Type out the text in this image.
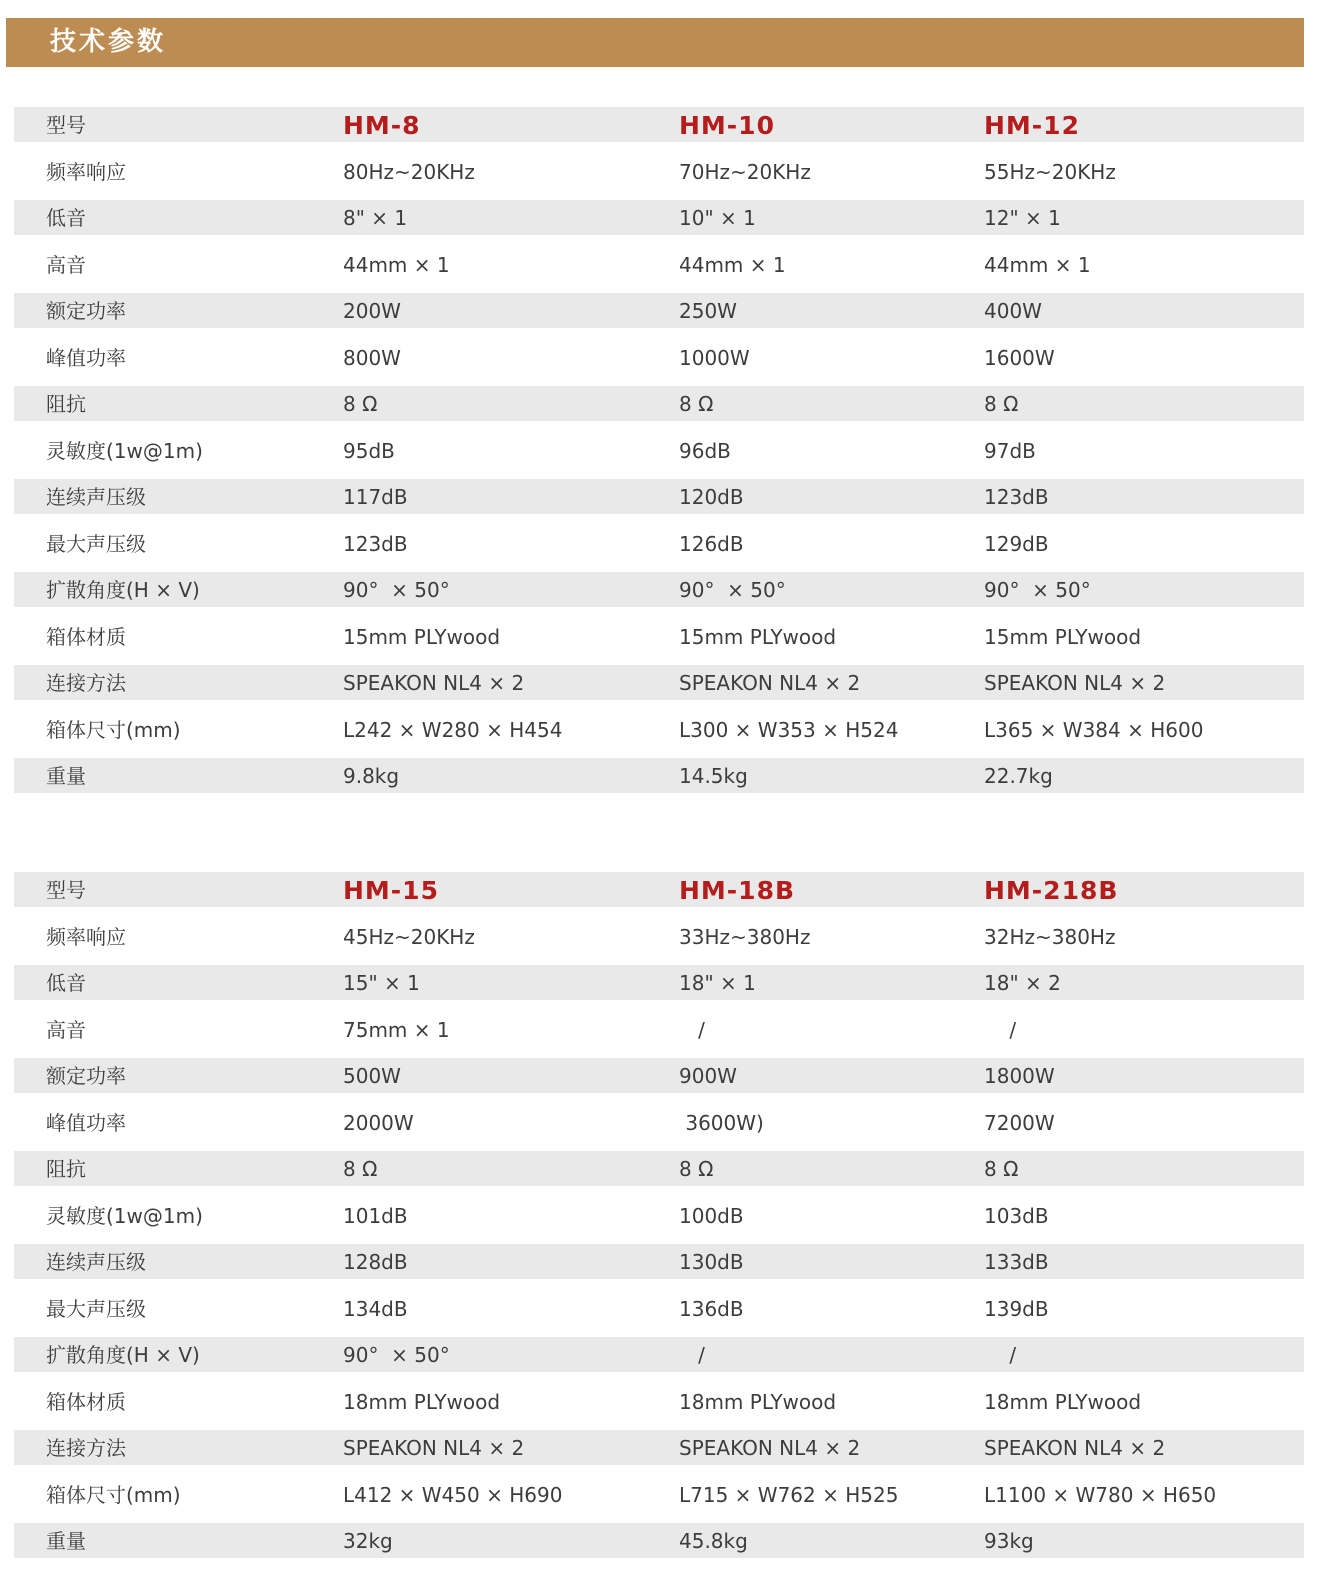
技术参数
型号	HM-8	HM-10	HM-12
频率响应	80Hz~20KHz	70Hz~20KHz	55Hz~20KHz
低音	8" × 1	10" × 1	12" × 1
高音	44mm × 1	44mm × 1	44mm × 1
额定功率	200W	250W	400W
峰值功率	800W	1000W	1600W
阻抗	8 Ω	8 Ω	8 Ω
灵敏度(1w@1m)	95dB	96dB	97dB
连续声压级	117dB	120dB	123dB
最大声压级	123dB	126dB	129dB
扩散角度(H × V)	90°  × 50°	90°  × 50°	90°  × 50°
箱体材质	15mm PLYwood	15mm PLYwood	15mm PLYwood
连接方法	SPEAKON NL4 × 2	SPEAKON NL4 × 2	SPEAKON NL4 × 2
箱体尺寸(mm)	L242 × W280 × H454	L300 × W353 × H524	L365 × W384 × H600
重量	9.8kg	14.5kg	22.7kg
型号	HM-15	HM-18B	HM-218B
频率响应	45Hz~20KHz	33Hz~380Hz	32Hz~380Hz
低音	15" × 1	18" × 1	18" × 2
高音	75mm × 1	/	/
额定功率	500W	900W	1800W
峰值功率	2000W	3600W)	7200W
阻抗	8 Ω	8 Ω	8 Ω
灵敏度(1w@1m)	101dB	100dB	103dB
连续声压级	128dB	130dB	133dB
最大声压级	134dB	136dB	139dB
扩散角度(H × V)	90°  × 50°	/	/
箱体材质	18mm PLYwood	18mm PLYwood	18mm PLYwood
连接方法	SPEAKON NL4 × 2	SPEAKON NL4 × 2	SPEAKON NL4 × 2
箱体尺寸(mm)	L412 × W450 × H690	L715 × W762 × H525	L1100 × W780 × H650
重量	32kg	45.8kg	93kg
